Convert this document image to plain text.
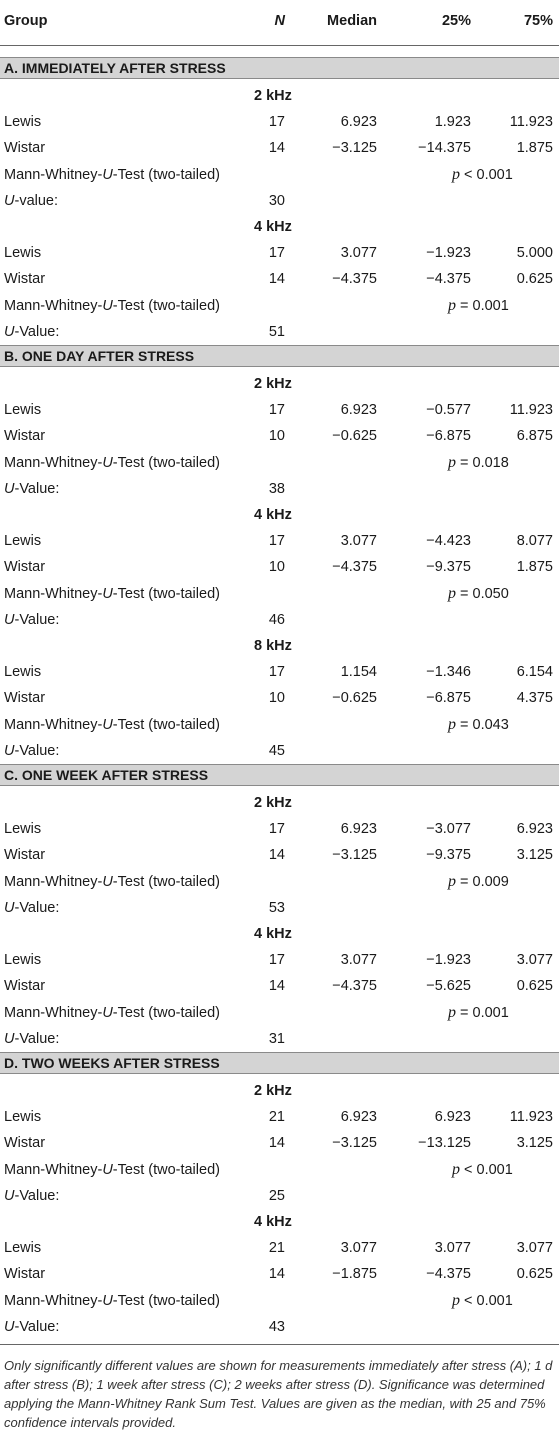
Group	N	Median	25%	75%
A. IMMEDIATELY AFTER STRESS
2 kHz
Lewis	17	6.923	1.923	11.923
Wistar	14	−3.125	−14.375	1.875
Mann-Whitney-U-Test (two-tailed)	p < 0.001
U-value:	30
4 kHz
Lewis	17	3.077	−1.923	5.000
Wistar	14	−4.375	−4.375	0.625
Mann-Whitney-U-Test (two-tailed)	p = 0.001
U-Value:	51
B. ONE DAY AFTER STRESS
2 kHz
Lewis	17	6.923	−0.577	11.923
Wistar	10	−0.625	−6.875	6.875
Mann-Whitney-U-Test (two-tailed)	p = 0.018
U-Value:	38
4 kHz
Lewis	17	3.077	−4.423	8.077
Wistar	10	−4.375	−9.375	1.875
Mann-Whitney-U-Test (two-tailed)	p = 0.050
U-Value:	46
8 kHz
Lewis	17	1.154	−1.346	6.154
Wistar	10	−0.625	−6.875	4.375
Mann-Whitney-U-Test (two-tailed)	p = 0.043
U-Value:	45
C. ONE WEEK AFTER STRESS
2 kHz
Lewis	17	6.923	−3.077	6.923
Wistar	14	−3.125	−9.375	3.125
Mann-Whitney-U-Test (two-tailed)	p = 0.009
U-Value:	53
4 kHz
Lewis	17	3.077	−1.923	3.077
Wistar	14	−4.375	−5.625	0.625
Mann-Whitney-U-Test (two-tailed)	p = 0.001
U-Value:	31
D. TWO WEEKS AFTER STRESS
2 kHz
Lewis	21	6.923	6.923	11.923
Wistar	14	−3.125	−13.125	3.125
Mann-Whitney-U-Test (two-tailed)	p < 0.001
U-Value:	25
4 kHz
Lewis	21	3.077	3.077	3.077
Wistar	14	−1.875	−4.375	0.625
Mann-Whitney-U-Test (two-tailed)	p < 0.001
U-Value:	43
Only significantly different values are shown for measurements immediately after stress (A); 1 d after stress (B); 1 week after stress (C); 2 weeks after stress (D). Significance was determined applying the Mann-Whitney Rank Sum Test. Values are given as the median, with 25 and 75% confidence intervals provided.
